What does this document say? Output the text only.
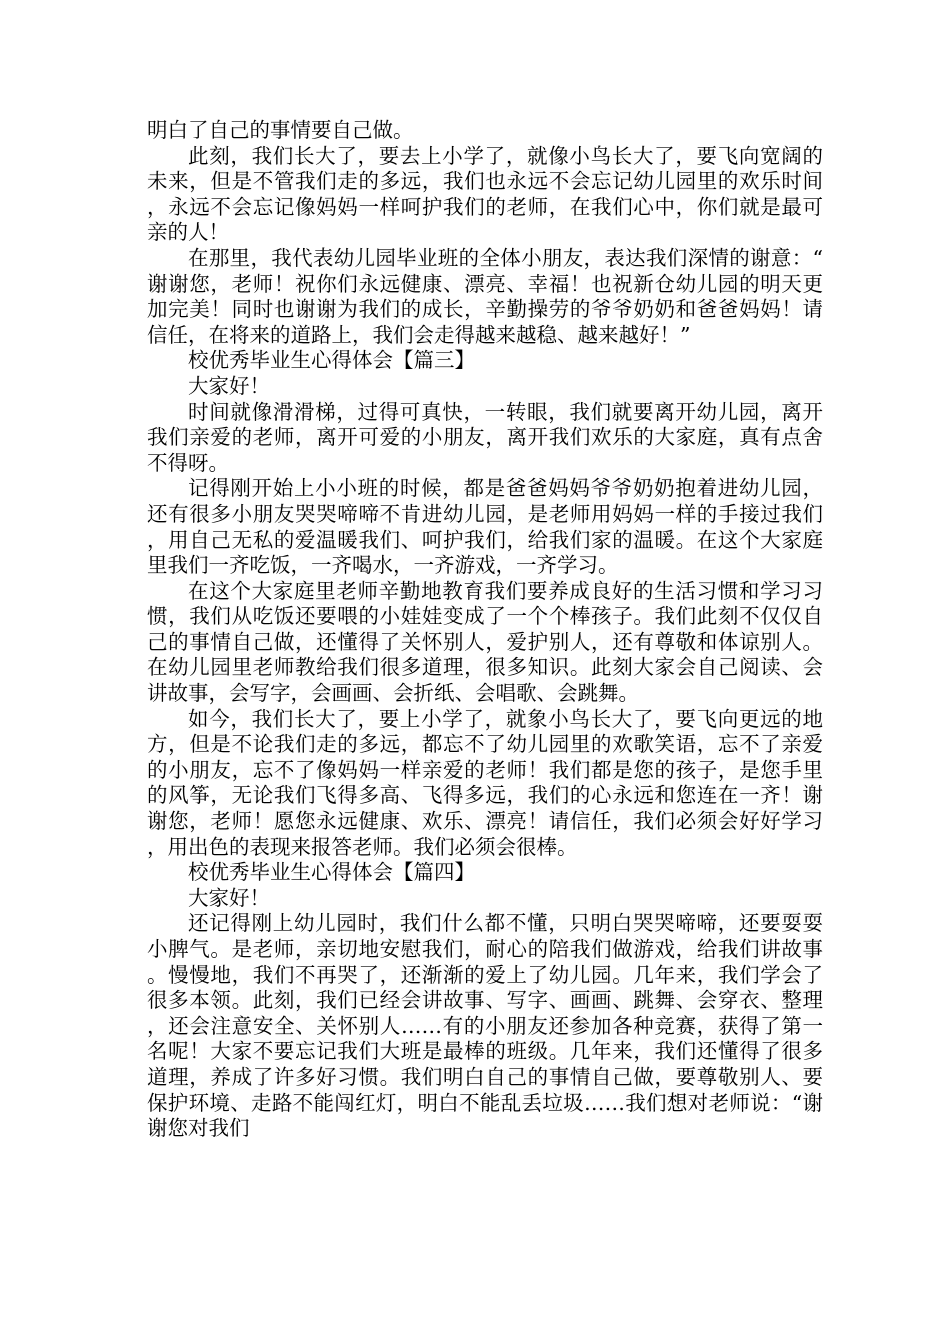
明白了自己的事情要自己做。

此刻，我们长大了，要去上小学了，就像小鸟长大了，要飞向宽阔的未来，但是不管我们走的多远，我们也永远不会忘记幼儿园里的欢乐时间，永远不会忘记像妈妈一样呵护我们的老师，在我们心中，你们就是最可亲的人！

在那里，我代表幼儿园毕业班的全体小朋友，表达我们深情的谢意：“谢谢您，老师！祝你们永远健康、漂亮、幸福！也祝新仓幼儿园的明天更加完美！同时也谢谢为我们的成长，辛勤操劳的爷爷奶奶和爸爸妈妈！请信任，在将来的道路上，我们会走得越来越稳、越来越好！”

校优秀毕业生心得体会【篇三】

大家好！

时间就像滑滑梯，过得可真快，一转眼，我们就要离开幼儿园，离开我们亲爱的老师，离开可爱的小朋友，离开我们欢乐的大家庭，真有点舍不得呀。

记得刚开始上小小班的时候，都是爸爸妈妈爷爷奶奶抱着进幼儿园，还有很多小朋友哭哭啼啼不肯进幼儿园，是老师用妈妈一样的手接过我们，用自己无私的爱温暖我们、呵护我们，给我们家的温暖。在这个大家庭里我们一齐吃饭，一齐喝水，一齐游戏，一齐学习。

在这个大家庭里老师辛勤地教育我们要养成良好的生活习惯和学习习惯，我们从吃饭还要喂的小娃娃变成了一个个棒孩子。我们此刻不仅仅自己的事情自己做，还懂得了关怀别人，爱护别人，还有尊敬和体谅别人。在幼儿园里老师教给我们很多道理，很多知识。此刻大家会自己阅读、会讲故事，会写字，会画画、会折纸、会唱歌、会跳舞。

如今，我们长大了，要上小学了，就象小鸟长大了，要飞向更远的地方，但是不论我们走的多远，都忘不了幼儿园里的欢歌笑语，忘不了亲爱的小朋友，忘不了像妈妈一样亲爱的老师！我们都是您的孩子，是您手里的风筝，无论我们飞得多高、飞得多远，我们的心永远和您连在一齐！谢谢您，老师！愿您永远健康、欢乐、漂亮！请信任，我们必须会好好学习，用出色的表现来报答老师。我们必须会很棒。

校优秀毕业生心得体会【篇四】

大家好！

还记得刚上幼儿园时，我们什么都不懂，只明白哭哭啼啼，还要耍耍小脾气。是老师，亲切地安慰我们，耐心的陪我们做游戏，给我们讲故事。慢慢地，我们不再哭了，还渐渐的爱上了幼儿园。几年来，我们学会了很多本领。此刻，我们已经会讲故事、写字、画画、跳舞、会穿衣、整理，还会注意安全、关怀别人……有的小朋友还参加各种竞赛，获得了第一名呢！大家不要忘记我们大班是最棒的班级。几年来，我们还懂得了很多道理，养成了许多好习惯。我们明白自己的事情自己做，要尊敬别人、要保护环境、走路不能闯红灯，明白不能乱丢垃圾……我们想对老师说：“谢谢您对我们
